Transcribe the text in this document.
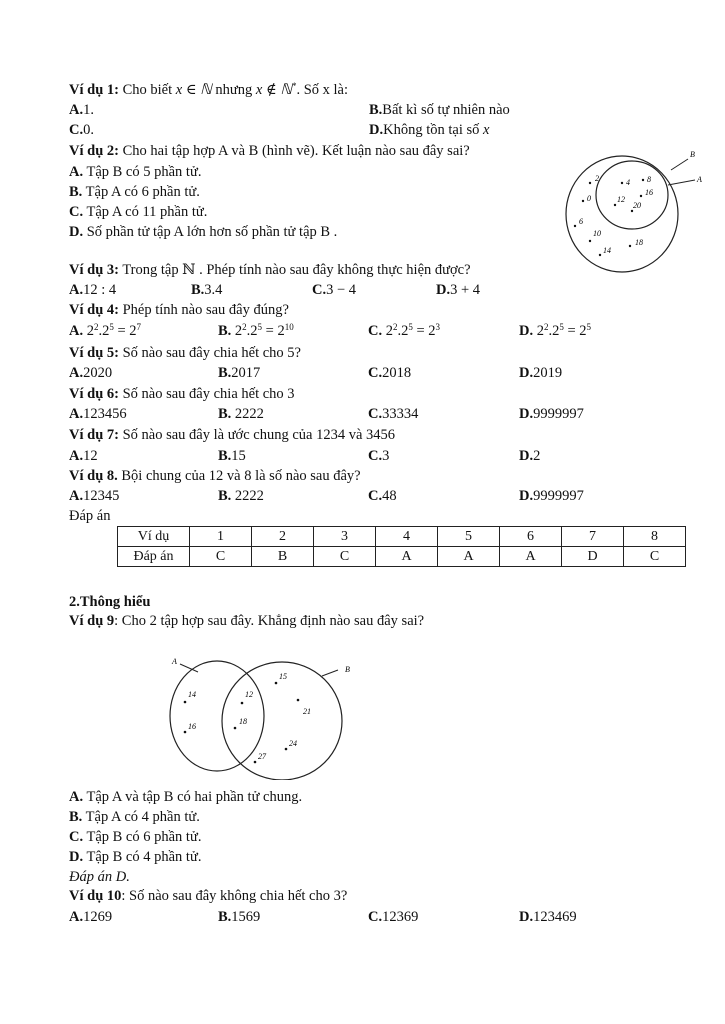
Ví dụ 1: Cho biết x ∈ ℕ nhưng x ∉ ℕ*. Số x là:
A.1.	B.Bất kì số tự nhiên nào
C.0.	D.Không tồn tại số x
Ví dụ 2: Cho hai tập hợp A và B (hình vẽ). Kết luận nào sau đây sai?
A. Tập B có 5 phần tử.
B. Tập A có 6 phần tử.
C. Tập A có 11 phần tử.
D. Số phần tử tập A lớn hơn số phần tử tập B .
B
A
2
6
10
14
18
4 8
0	12
16
20
Ví dụ 3: Trong tập ℕ . Phép tính nào sau đây không thực hiện được?
A.12 : 4	B.3.4	C.3 − 4	D.3 + 4
Ví dụ 4: Phép tính nào sau đây đúng?
A. $2^2.2^5 = 2^7$	B. $2^2.2^5 = 2^{10}$	C. $2^2.2^5 = 2^3$	D. $2^2.2^5 = 2^5$
Ví dụ 5: Số nào sau đây chia hết cho 5?
A.2020	B.2017	C.2018	D.2019
Ví dụ 6: Số nào sau đây chia hết cho 3
A.123456	B. 2222	C.33334	D.9999997
Ví dụ 7: Số nào sau đây là ước chung của 1234 và 3456
A.12	B.15	C.3	D.2
Ví dụ 8. Bội chung của 12 và 8 là số nào sau đây?
A.12345	B. 2222	C.48	D.9999997
Đáp án
Ví dụ	1	2	3	4	5	6	7	8
Đáp án	C	B	C	A	A	A	D	C
2.Thông hiểu
Ví dụ 9: Cho 2 tập hợp sau đây. Khẳng định nào sau đây sai?
A
B
14
16
12
18
15
21
24
27
A. Tập A và tập B có hai phần tử chung.
B. Tập A có 4 phần tử.
C. Tập B có 6 phần tử.
D. Tập B có 4 phần tử.
Đáp án D.
Ví dụ 10: Số nào sau đây không chia hết cho 3?
A.1269	B.1569	C.12369	D.123469
